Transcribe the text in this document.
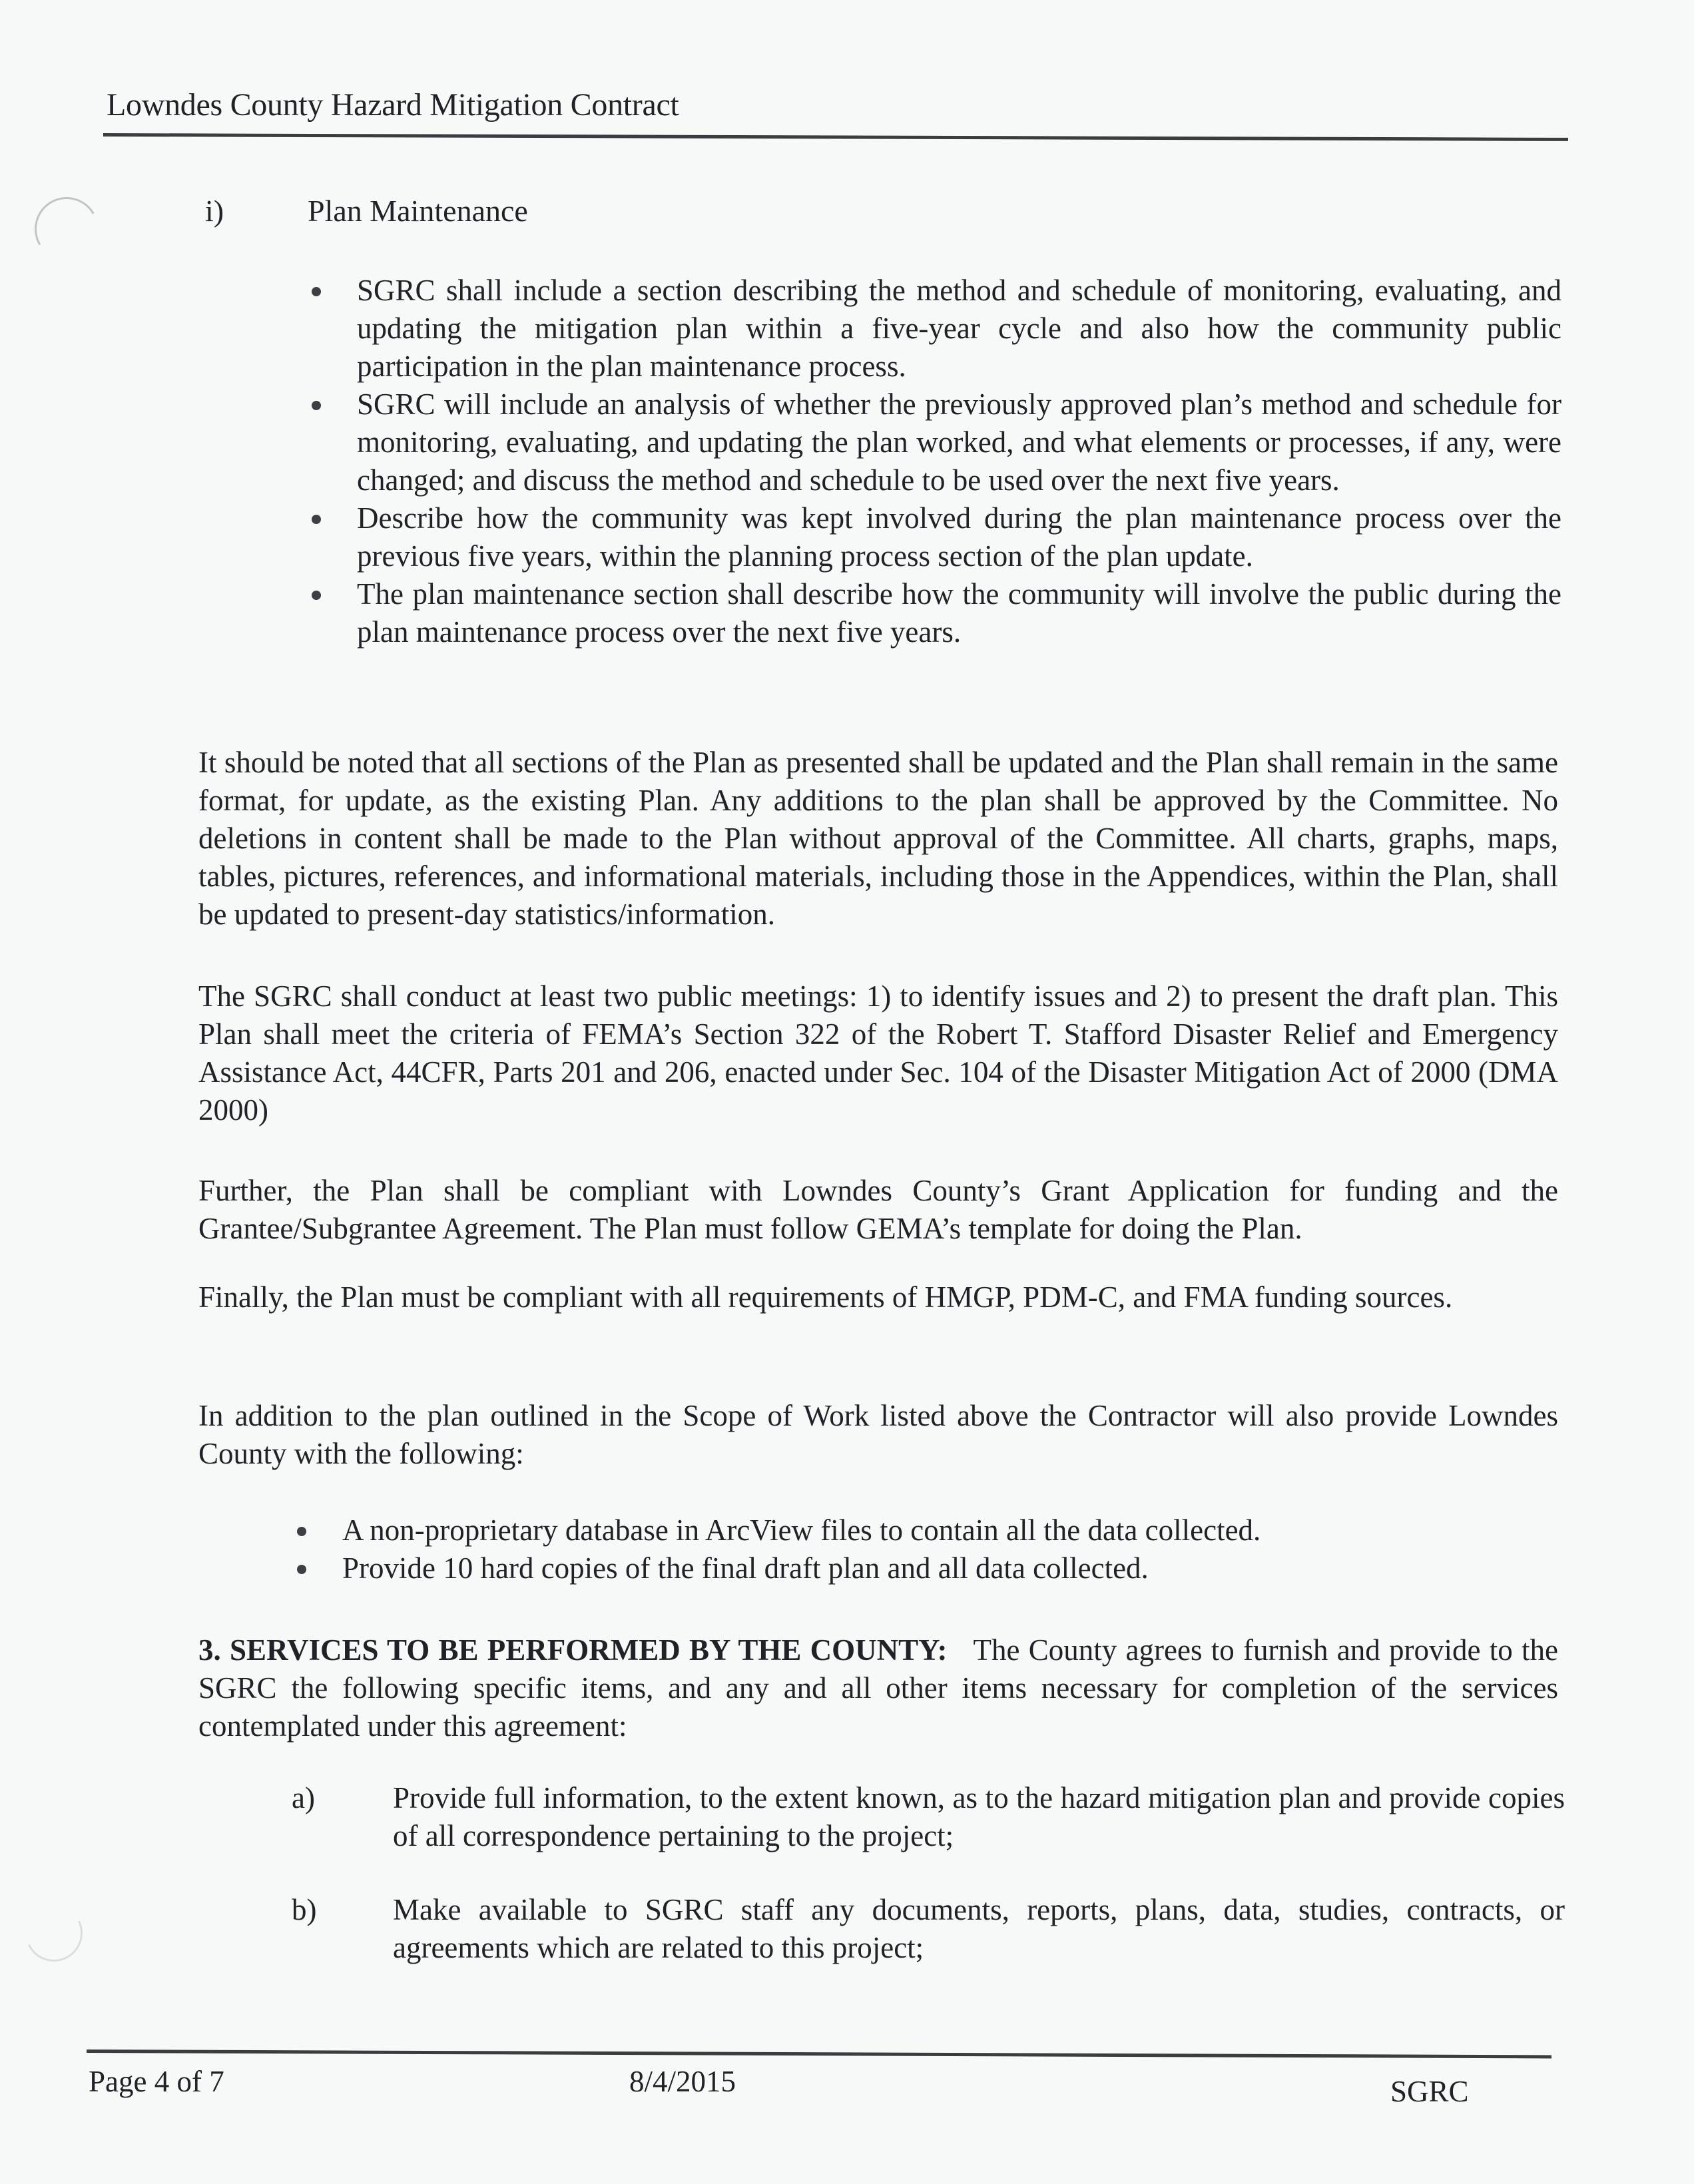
Lowndes County Hazard Mitigation Contract
i)	Plan Maintenance
SGRC shall include a section describing the method and schedule of monitoring, evaluating, and updating the mitigation plan within a five-year cycle and also how the community public participation in the plan maintenance process.
SGRC will include an analysis of whether the previously approved plan’s method and schedule for monitoring, evaluating, and updating the plan worked, and what elements or processes, if any, were changed; and discuss the method and schedule to be used over the next five years.
Describe how the community was kept involved during the plan maintenance process over the previous five years, within the planning process section of the plan update.
The plan maintenance section shall describe how the community will involve the public during the plan maintenance process over the next five years.
It should be noted that all sections of the Plan as presented shall be updated and the Plan shall remain in the same format, for update, as the existing Plan. Any additions to the plan shall be approved by the Committee. No deletions in content shall be made to the Plan without approval of the Committee. All charts, graphs, maps, tables, pictures, references, and informational materials, including those in the Appendices, within the Plan, shall be updated to present-day statistics/information.
The SGRC shall conduct at least two public meetings: 1) to identify issues and 2) to present the draft plan. This Plan shall meet the criteria of FEMA’s Section 322 of the Robert T. Stafford Disaster Relief and Emergency Assistance Act, 44CFR, Parts 201 and 206, enacted under Sec. 104 of the Disaster Mitigation Act of 2000 (DMA 2000)
Further, the Plan shall be compliant with Lowndes County’s Grant Application for funding and the Grantee/Subgrantee Agreement. The Plan must follow GEMA’s template for doing the Plan.
Finally, the Plan must be compliant with all requirements of HMGP, PDM-C, and FMA funding sources.
In addition to the plan outlined in the Scope of Work listed above the Contractor will also provide Lowndes County with the following:
A non-proprietary database in ArcView files to contain all the data collected.
Provide 10 hard copies of the final draft plan and all data collected.
3. SERVICES TO BE PERFORMED BY THE COUNTY: The County agrees to furnish and provide to the SGRC the following specific items, and any and all other items necessary for completion of the services contemplated under this agreement:
a)	Provide full information, to the extent known, as to the hazard mitigation plan and provide copies of all correspondence pertaining to the project;
b)	Make available to SGRC staff any documents, reports, plans, data, studies, contracts, or agreements which are related to this project;
Page 4 of 7	8/4/2015	SGRC
